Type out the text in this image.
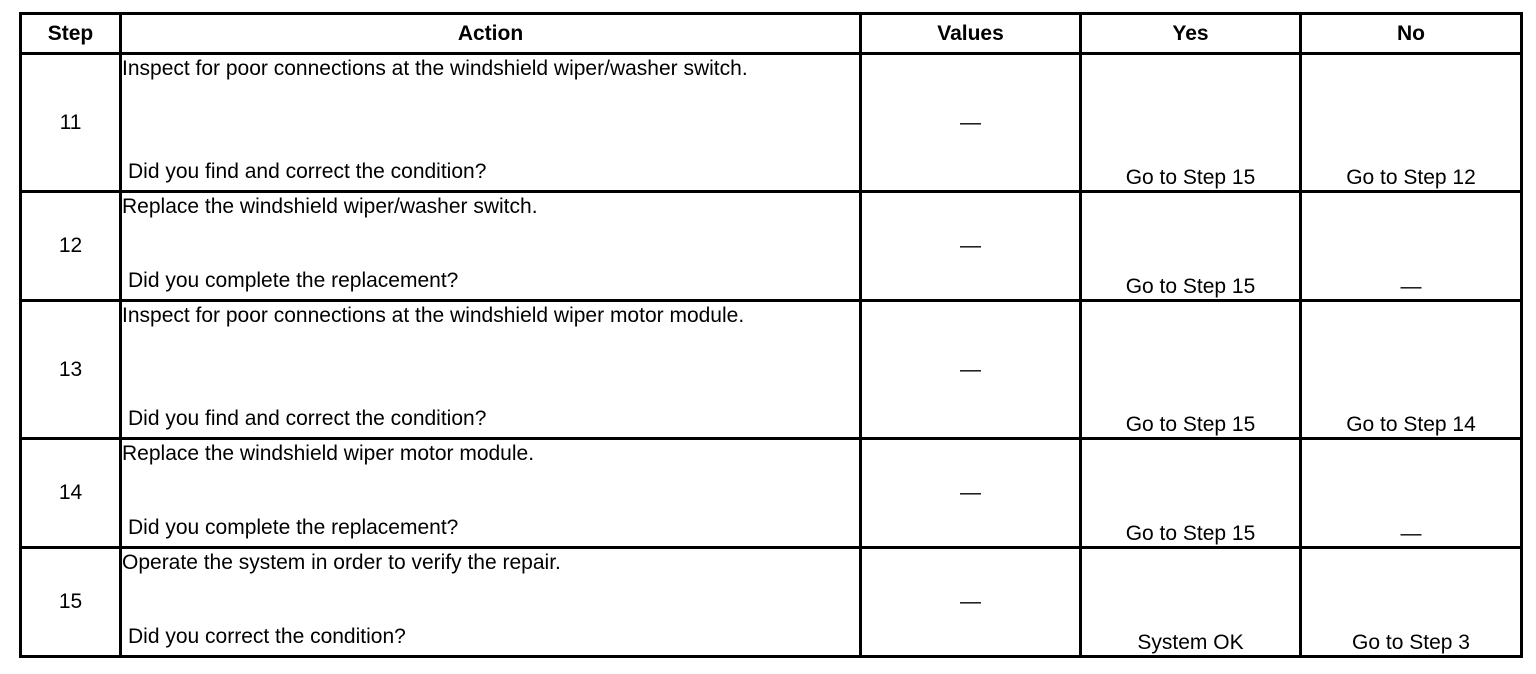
Step	Action	Values	Yes	No
11	Inspect for poor connections at the windshield wiper/washer switch.
Did you find and correct the condition?	—	Go to Step 15	Go to Step 12
12	Replace the windshield wiper/washer switch.
Did you complete the replacement?	—	Go to Step 15	—
13	Inspect for poor connections at the windshield wiper motor module.
Did you find and correct the condition?	—	Go to Step 15	Go to Step 14
14	Replace the windshield wiper motor module.
Did you complete the replacement?	—	Go to Step 15	—
15	Operate the system in order to verify the repair.
Did you correct the condition?	—	System OK	Go to Step 3
